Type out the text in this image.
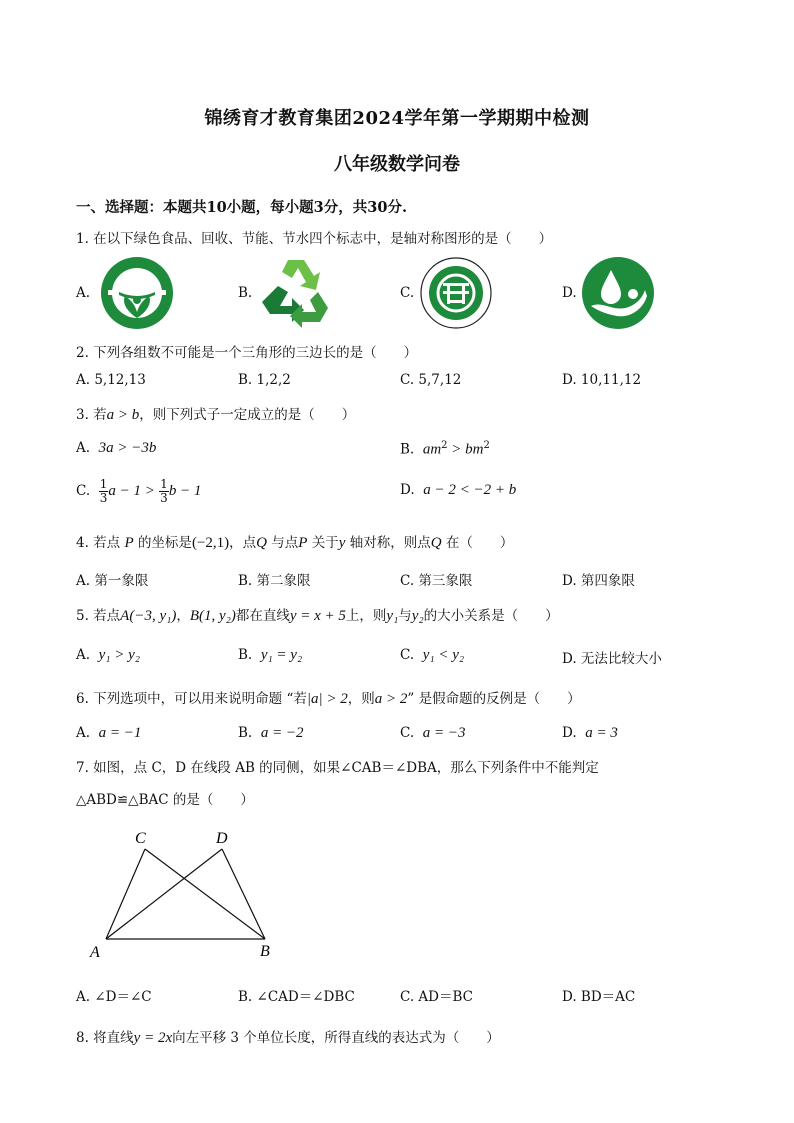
锦绣育才教育集团2024学年第一学期期中检测
八年级数学问卷
一、选择题：本题共10小题，每小题3分，共30分.
1. 在以下绿色食品、回收、节能、节水四个标志中，是轴对称图形的是（　　）
A.	B.	C.	D.
2. 下列各组数不可能是一个三角形的三边长的是（　　）
A. 5,12,13	B. 1,2,2	C. 5,7,12	D. 10,11,12
3. 若a > b，则下列式子一定成立的是（　　）
A. 3a > −3b	B. $am^2 > bm^2$
C. $\frac{1}{3}$ $a - 1 > \frac{1}{3}$ b − 1	D. a − 2 < −2 + b
4. 若点 P 的坐标是(−2,1)，点Q 与点P 关于y 轴对称，则点Q 在（　　）
A. 第一象限	B. 第二象限	C. 第三象限	D. 第四象限
5. 若点A(−3, y₁)，B(1, y₂)都在直线y = x + 5上，则y₁与y₂的大小关系是（　　）
A. y₁ > y₂	B. y₁ = y₂	C. y₁ < y₂	D. 无法比较大小
6. 下列选项中，可以用来说明命题 “若|a| > 2，则a > 2” 是假命题的反例是（　　）
A. a = −1	B. a = −2	C. a = −3	D. a = 3
7. 如图，点 C，D 在线段 AB 的同侧，如果∠CAB＝∠DBA，那么下列条件中不能判定
△ABD≌△BAC 的是（　　）
C	D
A	B
A. ∠D＝∠C	B. ∠CAD＝∠DBC	C. AD＝BC	D. BD＝AC
8. 将直线y = 2x向左平移 3 个单位长度，所得直线的表达式为（　　）
